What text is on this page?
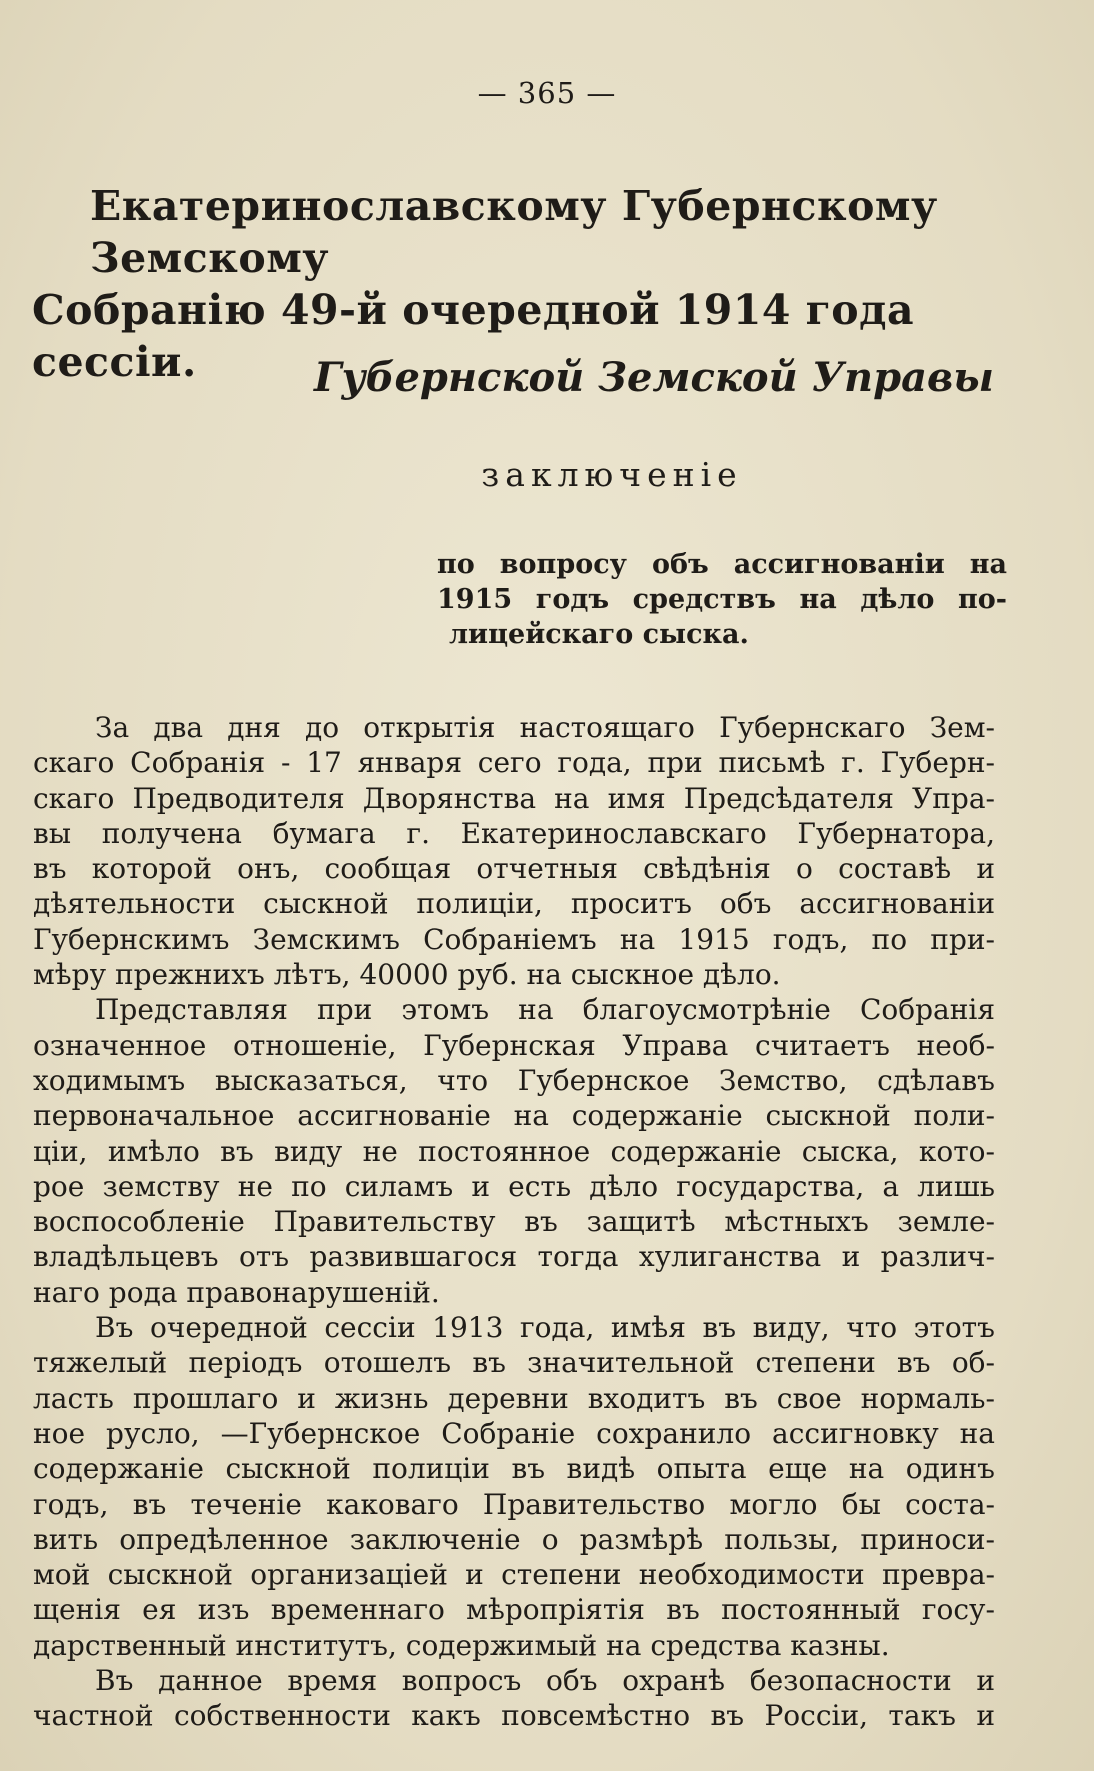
— 365 —
Екатеринославскому Губернскому Земскому
Собранію 49-й очередной 1914 года сессіи.	Губернской Земской Управы
заключеніе
по вопросу объ ассигнованіи на
1915 годъ средствъ на дѣло по-
лицейскаго сыска.

За два дня до открытія настоящаго Губернскаго Зем-
скаго Собранія - 17 января сего года, при письмѣ г. Губерн-
скаго Предводителя Дворянства на имя Предсѣдателя Упра-
вы получена бумага г. Екатеринославскаго Губернатора,
въ которой онъ, сообщая отчетныя свѣдѣнія о составѣ и
дѣятельности сыскной полиціи, проситъ объ ассигнованіи
Губернскимъ Земскимъ Собраніемъ на 1915 годъ, по при-
мѣру прежнихъ лѣтъ, 40000 руб. на сыскное дѣло.

Представляя при этомъ на благоусмотрѣніе Собранія
означенное отношеніе, Губернская Управа считаетъ необ-
ходимымъ высказаться, что Губернское Земство, сдѣлавъ
первоначальное ассигнованіе на содержаніе сыскной поли-
ціи, имѣло въ виду не постоянное содержаніе сыска, кото-
рое земству не по силамъ и есть дѣло государства, а лишь
воспособленіе Правительству въ защитѣ мѣстныхъ земле-
владѣльцевъ отъ развившагося тогда хулиганства и различ-
наго рода правонарушеній.

Въ очередной сессіи 1913 года, имѣя въ виду, что этотъ
тяжелый періодъ отошелъ въ значительной степени въ об-
ласть прошлаго и жизнь деревни входитъ въ свое нормаль-
ное русло, —Губернское Собраніе сохранило ассигновку на
содержаніе сыскной полиціи въ видѣ опыта еще на одинъ
годъ, въ теченіе каковаго Правительство могло бы соста-
вить опредѣленное заключеніе о размѣрѣ пользы, приноси-
мой сыскной организаціей и степени необходимости превра-
щенія ея изъ временнаго мѣропріятія въ постоянный госу-
дарственный институтъ, содержимый на средства казны.

Въ данное время вопросъ объ охранѣ безопасности и
частной собственности какъ повсемѣстно въ Россіи, такъ и
